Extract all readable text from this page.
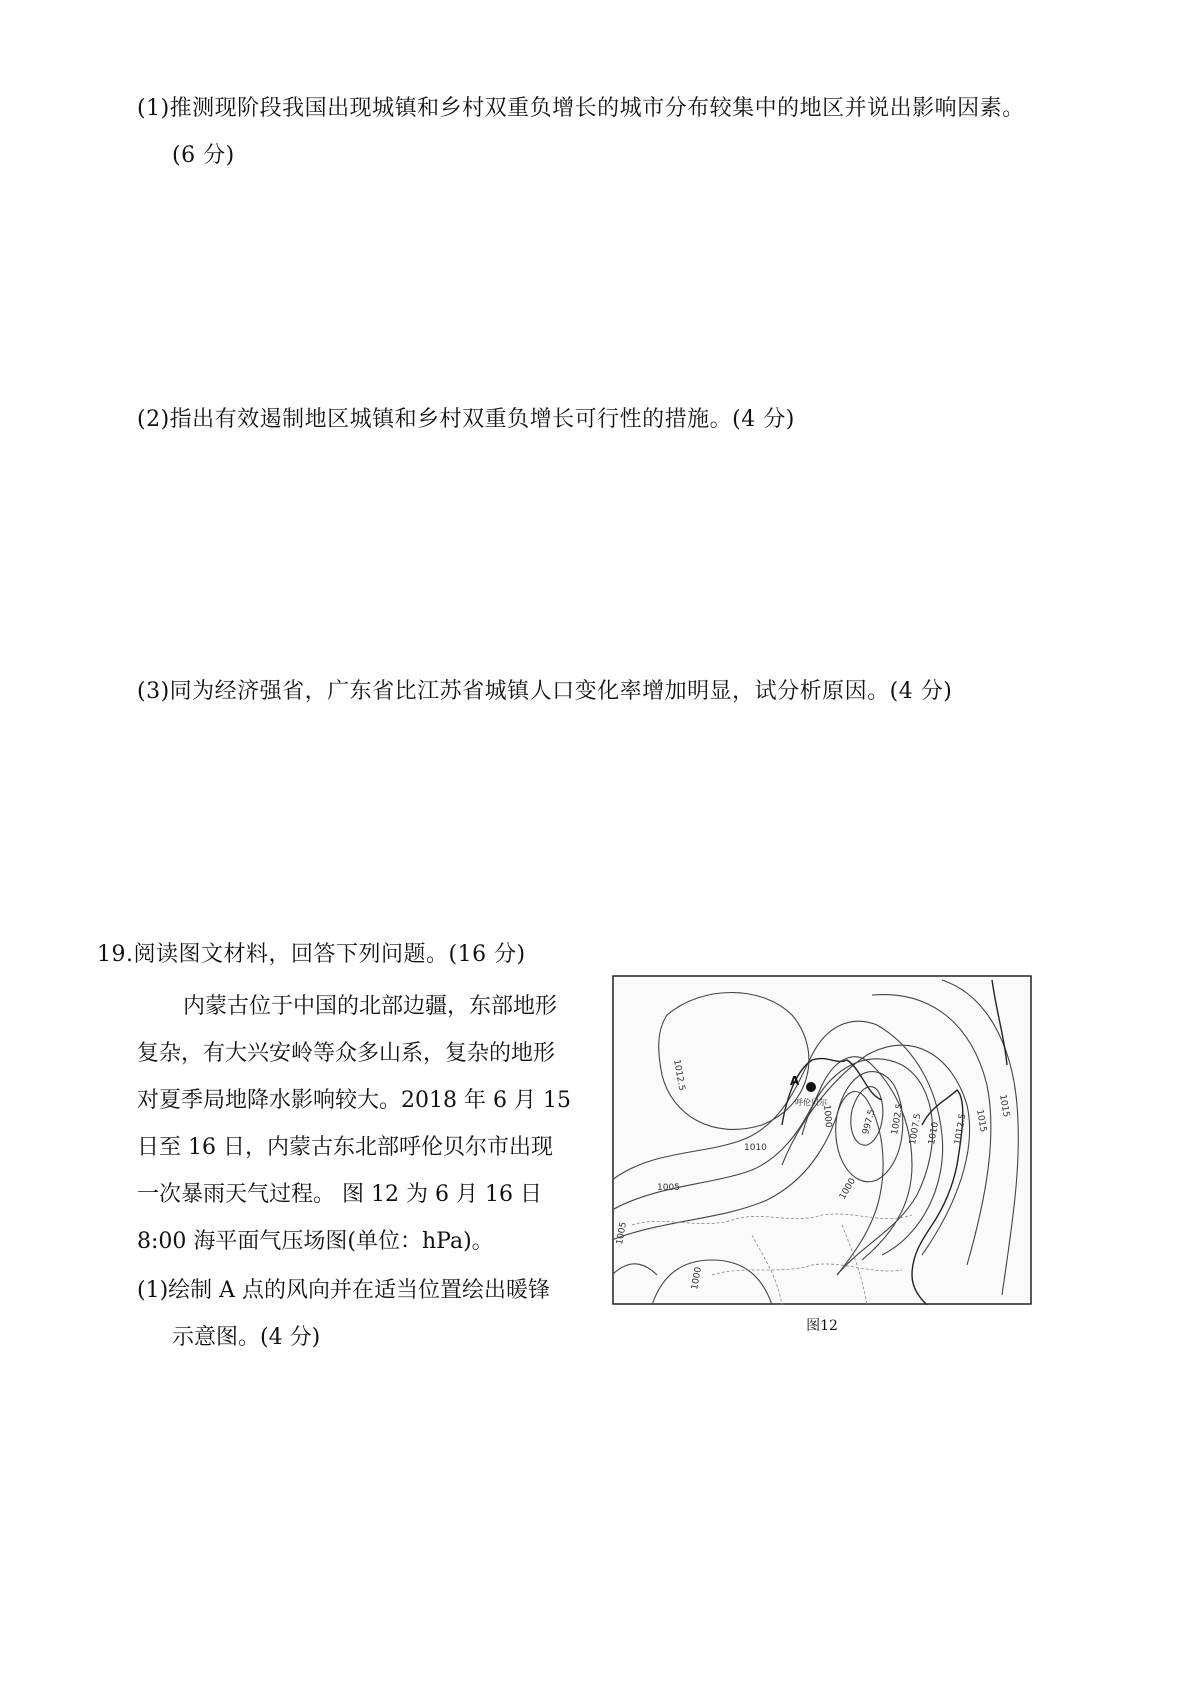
(1)推测现阶段我国出现城镇和乡村双重负增长的城市分布较集中的地区并说出影响因素。
(6 分)
(2)指出有效遏制地区城镇和乡村双重负增长可行性的措施。(4 分)
(3)同为经济强省，广东省比江苏省城镇人口变化率增加明显，试分析原因。(4 分)
19.阅读图文材料，回答下列问题。(16 分)
内蒙古位于中国的北部边疆，东部地形
复杂，有大兴安岭等众多山系，复杂的地形
对夏季局地降水影响较大。2018 年 6 月 15
日至 16 日，内蒙古东北部呼伦贝尔市出现
一次暴雨天气过程。 图 12 为 6 月 16 日
8:00 海平面气压场图(单位：hPa)。
(1)绘制 A 点的风向并在适当位置绘出暖锋
示意图。(4 分)
A
呼伦贝尔
1012.5
1010
1005
1000	997.5 1002.5 1007.5 1010 1012.5 1015
1015
1000
1000
1005
图12
